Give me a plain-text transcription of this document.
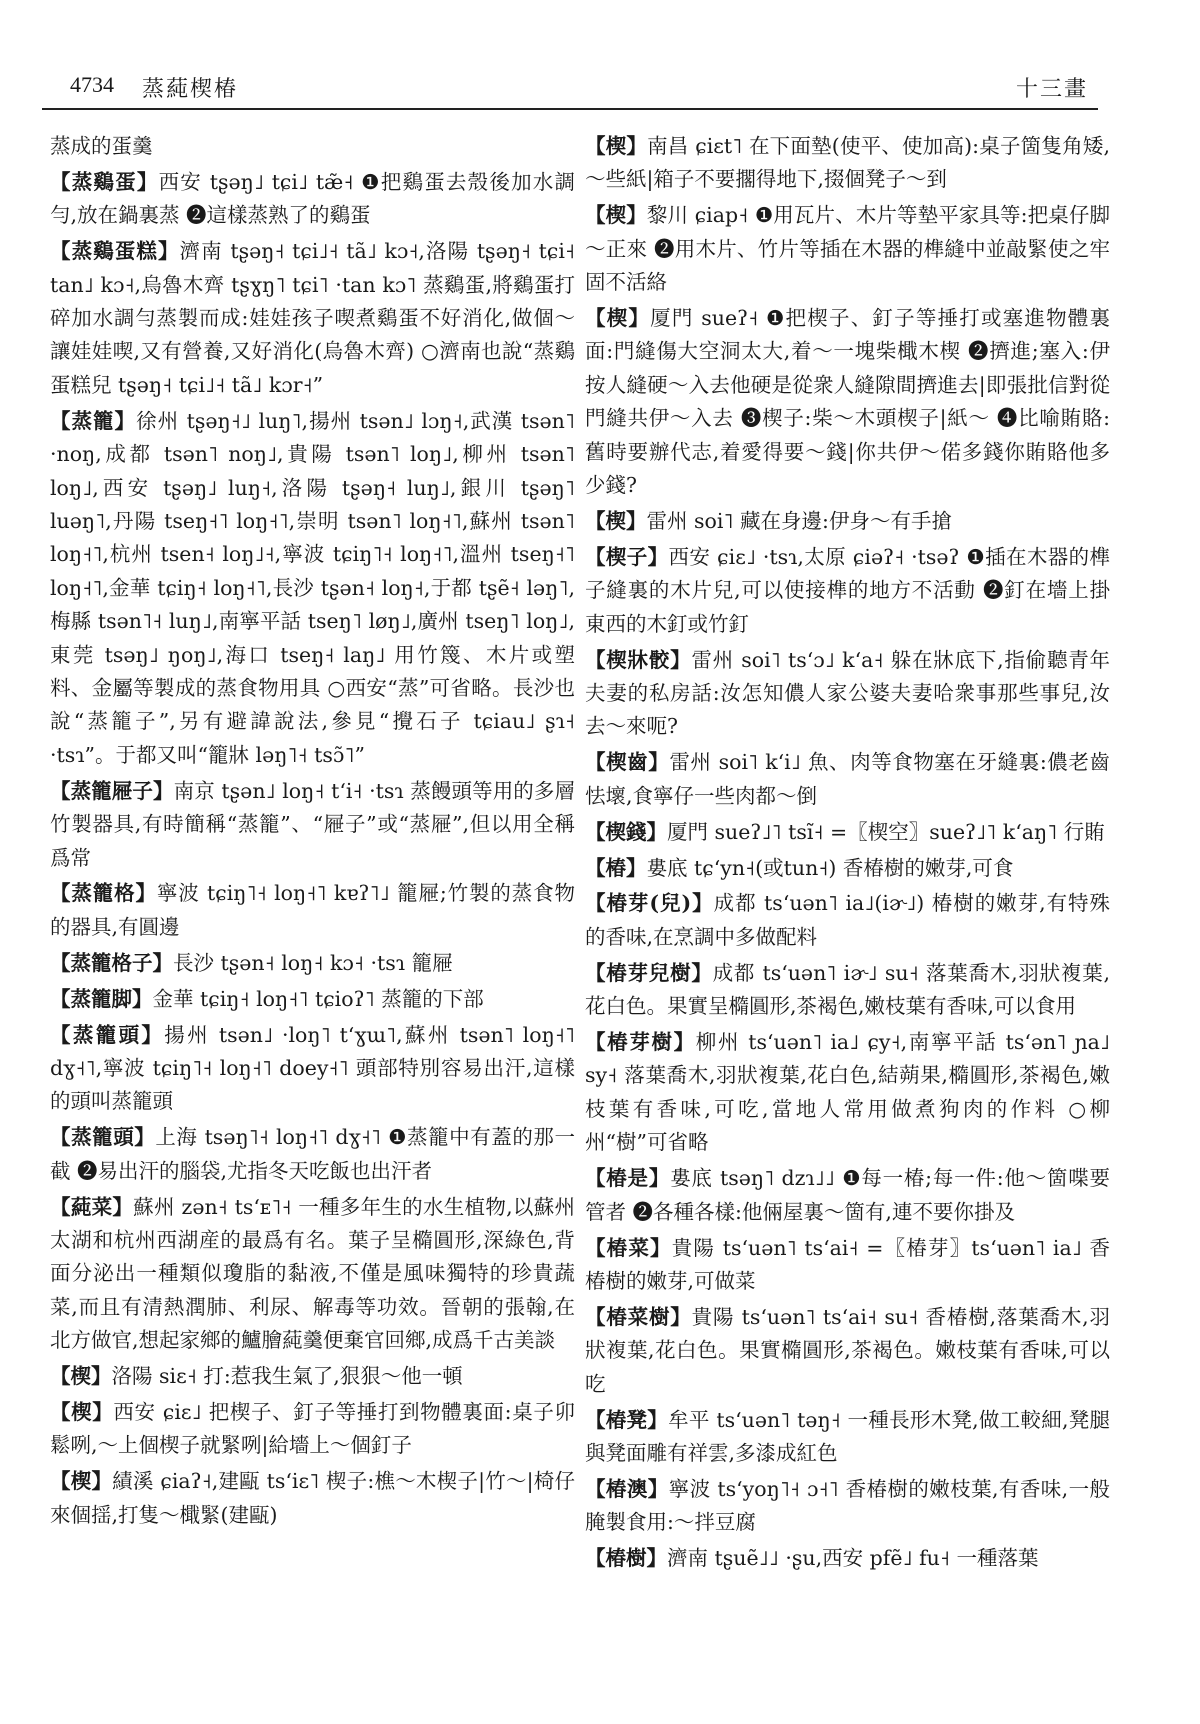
4734 蒸蒓楔椿	十三畫

蒸成的蛋羹

【蒸鷄蛋】西安 tʂəŋ˩ tɕi˩ tæ̃˧ ❶把鷄蛋去殼後加水調勻,放在鍋裏蒸 ❷這樣蒸熟了的鷄蛋

【蒸鷄蛋糕】濟南 tʂəŋ˧ tɕi˩˧ tã˩ kɔ˧,洛陽 tʂəŋ˧ tɕi˧ tan˩ kɔ˧,烏魯木齊 tʂɣŋ˥ tɕi˥ ·tan kɔ˥ 蒸鷄蛋,將鷄蛋打碎加水調勻蒸製而成:娃娃孩子喫煮鷄蛋不好消化,做個～讓娃娃喫,又有營養,又好消化(烏魯木齊) ○濟南也說“蒸鷄蛋糕兒 tʂəŋ˧ tɕi˩˧ tã˩ kɔr˧”

【蒸籠】徐州 tʂəŋ˧˩ luŋ˥,揚州 tsən˩ lɔŋ˧,武漢 tsən˥ ·noŋ,成都 tsən˥ noŋ˩,貴陽 tsən˥ loŋ˩,柳州 tsən˥ loŋ˩,西安 tʂəŋ˩ luŋ˧,洛陽 tʂəŋ˧ luŋ˩,銀川 tʂəŋ˥ luəŋ˥,丹陽 tseŋ˧˥ loŋ˧˥,崇明 tsən˥ loŋ˧˥,蘇州 tsən˥ loŋ˧˥,杭州 tsen˧ loŋ˩˧,寧波 tɕiŋ˥˧ loŋ˧˥,溫州 tseŋ˧˥ loŋ˧˥,金華 tɕiŋ˧ loŋ˧˥,長沙 tʂən˧ loŋ˧,于都 tʂẽ˧ ləŋ˥,梅縣 tsən˥˧ luŋ˩,南寧平話 tseŋ˥ løŋ˩,廣州 tseŋ˥ loŋ˩,東莞 tsəŋ˩ ŋoŋ˩,海口 tseŋ˧ laŋ˩ 用竹篾、木片或塑料、金屬等製成的蒸食物用具 ○西安“蒸”可省略。長沙也說“蒸籠子”,另有避諱說法,參見“攪石子 tɕiau˩ ʂɿ˧ ·tsɿ”。于都又叫“籠牀 ləŋ˥˧ tsɔ̃˥”

【蒸籠屜子】南京 tʂən˩ loŋ˧ tʻi˧ ·tsɿ 蒸饅頭等用的多層竹製器具,有時簡稱“蒸籠”、“屜子”或“蒸屜”,但以用全稱爲常

【蒸籠格】寧波 tɕiŋ˥˧ loŋ˧˥ kɐʔ˥˩ 籠屜;竹製的蒸食物的器具,有圓邊

【蒸籠格子】長沙 tʂən˧ loŋ˧ kɔ˧ ·tsɿ 籠屜

【蒸籠脚】金華 tɕiŋ˧ loŋ˧˥ tɕioʔ˥ 蒸籠的下部

【蒸籠頭】揚州 tsən˩ ·loŋ˥ tʻɣɯ˥,蘇州 tsən˥ loŋ˧˥ dɣ˧˥,寧波 tɕiŋ˥˧ loŋ˧˥ doey˧˥ 頭部特別容易出汗,這樣的頭叫蒸籠頭

【蒸籠頭】上海 tsəŋ˥˧ loŋ˧˥ dɣ˧˥ ❶蒸籠中有蓋的那一截 ❷易出汗的腦袋,尤指冬天吃飯也出汗者

【蒓菜】蘇州 zən˧ tsʻᴇ˥˧ 一種多年生的水生植物,以蘇州太湖和杭州西湖産的最爲有名。葉子呈橢圓形,深綠色,背面分泌出一種類似瓊脂的黏液,不僅是風味獨特的珍貴蔬菜,而且有清熱潤肺、利尿、解毒等功效。晉朝的張翰,在北方做官,想起家鄉的鱸膾蒓羹便棄官回鄉,成爲千古美談

【楔】洛陽 siɛ˧ 打:惹我生氣了,狠狠～他一頓

【楔】西安 ɕiɛ˩ 把楔子、釘子等捶打到物體裏面:桌子卯鬆咧,～上個楔子就緊咧|給墻上～個釘子

【楔】績溪 ɕiaʔ˧,建甌 tsʻiɛ˥ 楔子:樵～木楔子|竹～|椅仔來個揺,打隻～檝緊(建甌)

【楔】南昌 ɕiɛt˥ 在下面墊(使平、使加高):桌子箇隻角矮,～些紙|箱子不要擱得地下,掇個凳子～到

【楔】黎川 ɕiap˧ ❶用瓦片、木片等墊平家具等:把桌仔脚～正來 ❷用木片、竹片等插在木器的榫縫中並敲緊使之牢固不活絡

【楔】厦門 sueʔ˧ ❶把楔子、釘子等捶打或塞進物體裏面:門縫傷大空洞太大,着～一塊柴檝木楔 ❷擠進;塞入:伊按人縫硬～入去他硬是從衆人縫隙間擠進去|即張批信對從門縫共伊～入去 ❸楔子:柴～木頭楔子|紙～ ❹比喻賄賂:舊時要辦代志,着愛得要～錢|你共伊～偌多錢你賄賂他多少錢?

【楔】雷州 soi˥ 藏在身邊:伊身～有手搶

【楔子】西安 ɕiɛ˩ ·tsɿ,太原 ɕiəʔ˧ ·tsəʔ ❶插在木器的榫子縫裏的木片兒,可以使接榫的地方不活動 ❷釘在墻上掛東西的木釘或竹釘

【楔牀骹】雷州 soi˥ tsʻɔ˩ kʻa˧ 躲在牀底下,指偷聽青年夫妻的私房話:汝怎知儂人家公婆夫妻哈衆事那些事兒,汝去～來呃?

【楔齒】雷州 soi˥ kʻi˩ 魚、肉等食物塞在牙縫裏:儂老齒怯壞,食寧仔一些肉都～倒

【楔錢】厦門 sueʔ˩˥ tsĩ˧ =〖楔空〗sueʔ˩˥ kʻaŋ˥ 行賄

【椿】婁底 tɕʻyn˧(或tun˧) 香椿樹的嫩芽,可食

【椿芽(兒)】成都 tsʻuən˥ ia˩(iɚ˩) 椿樹的嫩芽,有特殊的香味,在烹調中多做配料

【椿芽兒樹】成都 tsʻuən˥ iɚ˩ su˧ 落葉喬木,羽狀複葉,花白色。果實呈橢圓形,茶褐色,嫩枝葉有香味,可以食用

【椿芽樹】柳州 tsʻuən˥ ia˩ ɕy˧,南寧平話 tsʻən˥ ɲa˩ sy˧ 落葉喬木,羽狀複葉,花白色,結蒴果,橢圓形,茶褐色,嫩枝葉有香味,可吃,當地人常用做煮狗肉的作料 ○柳州“樹”可省略

【椿是】婁底 tsəŋ˥ dzɿ˩˩ ❶每一椿;每一件:他～箇喋要管者 ❷各種各樣:他倆屋裏～箇有,連不要你掛及

【椿菜】貴陽 tsʻuən˥ tsʻai˧ =〖椿芽〗tsʻuən˥ ia˩ 香椿樹的嫩芽,可做菜

【椿菜樹】貴陽 tsʻuən˥ tsʻai˧ su˧ 香椿樹,落葉喬木,羽狀複葉,花白色。果實橢圓形,茶褐色。嫩枝葉有香味,可以吃

【椿凳】牟平 tsʻuən˥ təŋ˧ 一種長形木凳,做工較細,凳腿與凳面雕有祥雲,多漆成紅色

【椿澳】寧波 tsʻyoŋ˥˧ ɔ˧˥ 香椿樹的嫩枝葉,有香味,一般腌製食用:～拌豆腐

【椿樹】濟南 tʂuẽ˩˩ ·ʂu,西安 pfẽ˩ fu˧ 一種落葉
